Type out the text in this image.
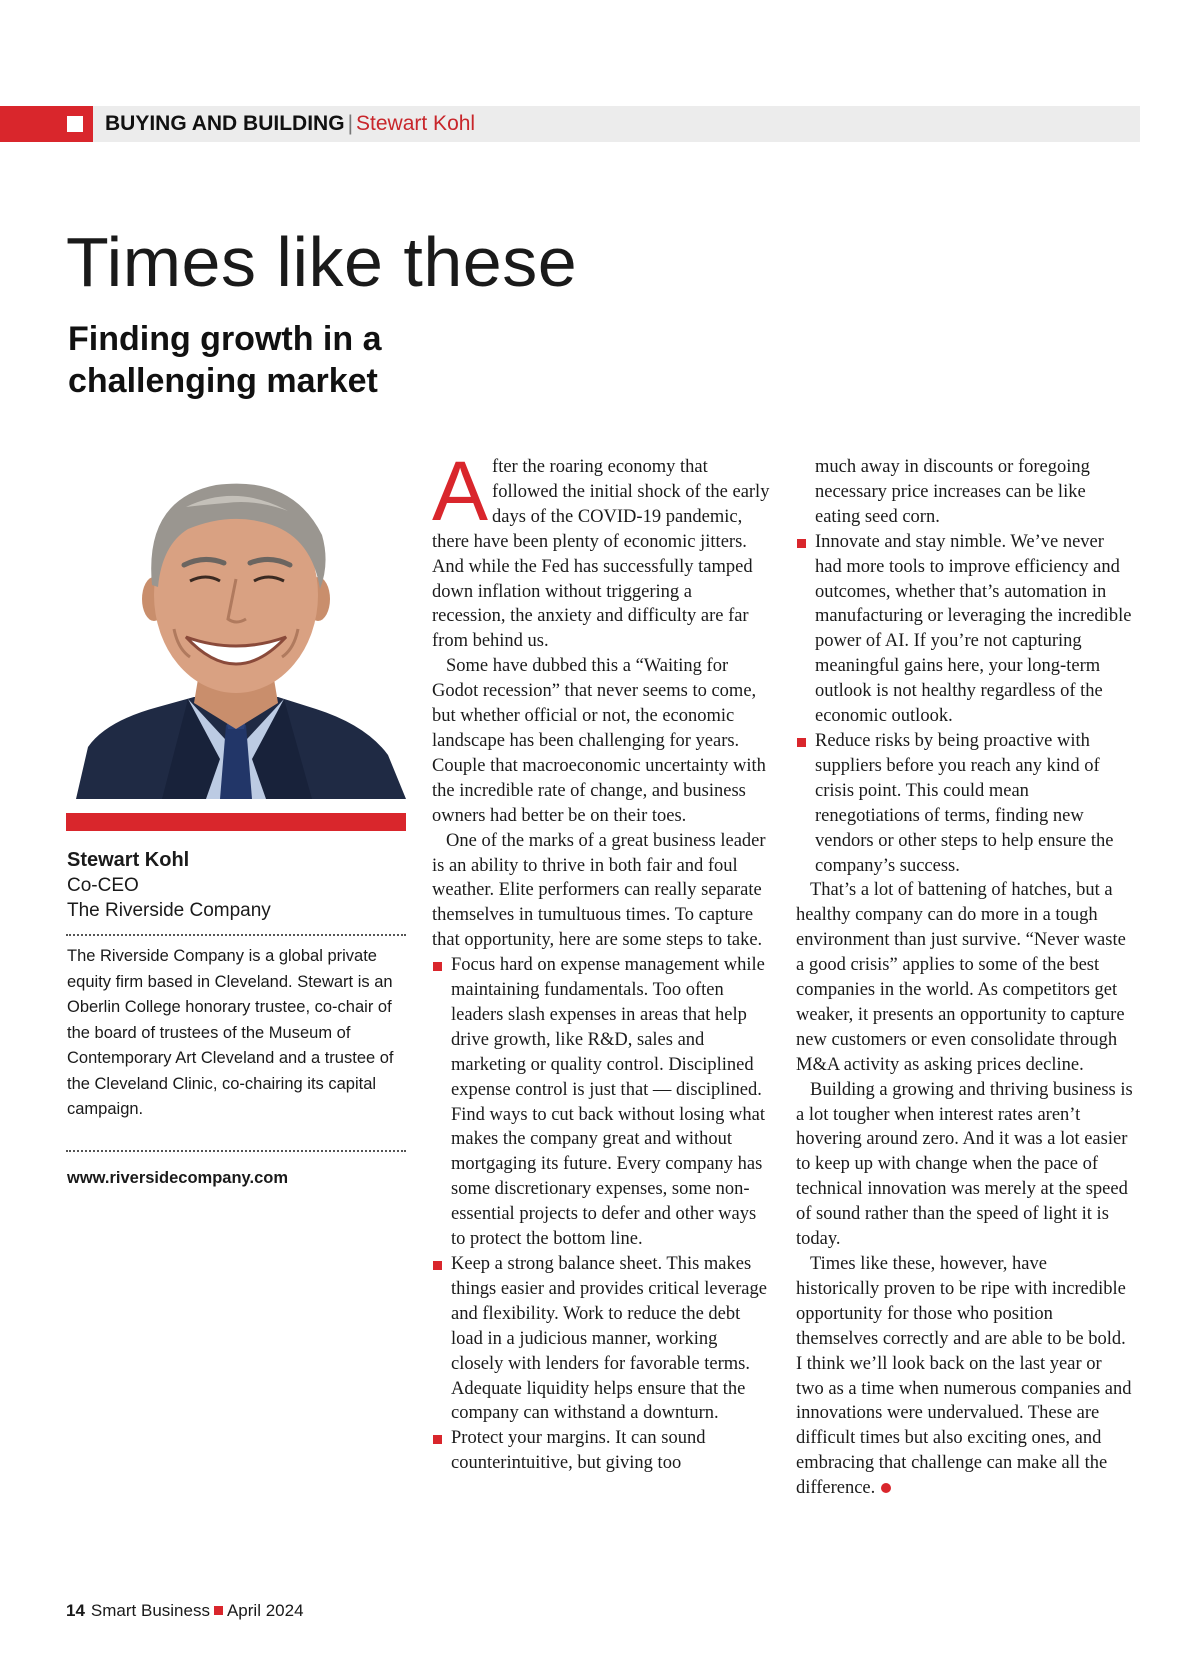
BUYING AND BUILDING | Stewart Kohl
Times like these
Finding growth in a challenging market

Stewart Kohl

Co-CEO

The Riverside Company

The Riverside Company is a global private equity firm based in Cleveland. Stewart is an Oberlin College honorary trustee, co-chair of the board of trustees of the Museum of Contemporary Art Cleveland and a trustee of the Cleveland Clinic, co-chairing its capital campaign.

www.riversidecompany.com

After the roaring economy that followed the initial shock of the early days of the COVID-19 pandemic, there have been plenty of economic jitters. And while the Fed has successfully tamped down inflation without triggering a recession, the anxiety and difficulty are far from behind us.

Some have dubbed this a “Waiting for Godot recession” that never seems to come, but whether official or not, the economic landscape has been challenging for years. Couple that macroeconomic uncertainty with the incredible rate of change, and business owners had better be on their toes.

One of the marks of a great business leader is an ability to thrive in both fair and foul weather. Elite performers can really separate themselves in tumultuous times. To capture that opportunity, here are some steps to take.

Focus hard on expense management while maintaining fundamentals. Too often leaders slash expenses in areas that help drive growth, like R&D, sales and marketing or quality control. Disciplined expense control is just that — disciplined. Find ways to cut back without losing what makes the company great and without mortgaging its future. Every company has some discretionary expenses, some non-essential projects to defer and other ways to protect the bottom line.

Keep a strong balance sheet. This makes things easier and provides critical leverage and flexibility. Work to reduce the debt load in a judicious manner, working closely with lenders for favorable terms. Adequate liquidity helps ensure that the company can withstand a downturn.

Protect your margins. It can sound counterintuitive, but giving too

much away in discounts or foregoing necessary price increases can be like eating seed corn.

Innovate and stay nimble. We’ve never had more tools to improve efficiency and outcomes, whether that’s automation in manufacturing or leveraging the incredible power of AI. If you’re not capturing meaningful gains here, your long-term outlook is not healthy regardless of the economic outlook.

Reduce risks by being proactive with suppliers before you reach any kind of crisis point. This could mean renegotiations of terms, finding new vendors or other steps to help ensure the company’s success.

That’s a lot of battening of hatches, but a healthy company can do more in a tough environment than just survive. “Never waste a good crisis” applies to some of the best companies in the world. As competitors get weaker, it presents an opportunity to capture new customers or even consolidate through M&A activity as asking prices decline.

Building a growing and thriving business is a lot tougher when interest rates aren’t hovering around zero. And it was a lot easier to keep up with change when the pace of technical innovation was merely at the speed of sound rather than the speed of light it is today.

Times like these, however, have historically proven to be ripe with incredible opportunity for those who position themselves correctly and are able to be bold. I think we’ll look back on the last year or two as a time when numerous companies and innovations were undervalued. These are difficult times but also exciting ones, and embracing that challenge can make all the difference.

14 Smart Business April 2024
